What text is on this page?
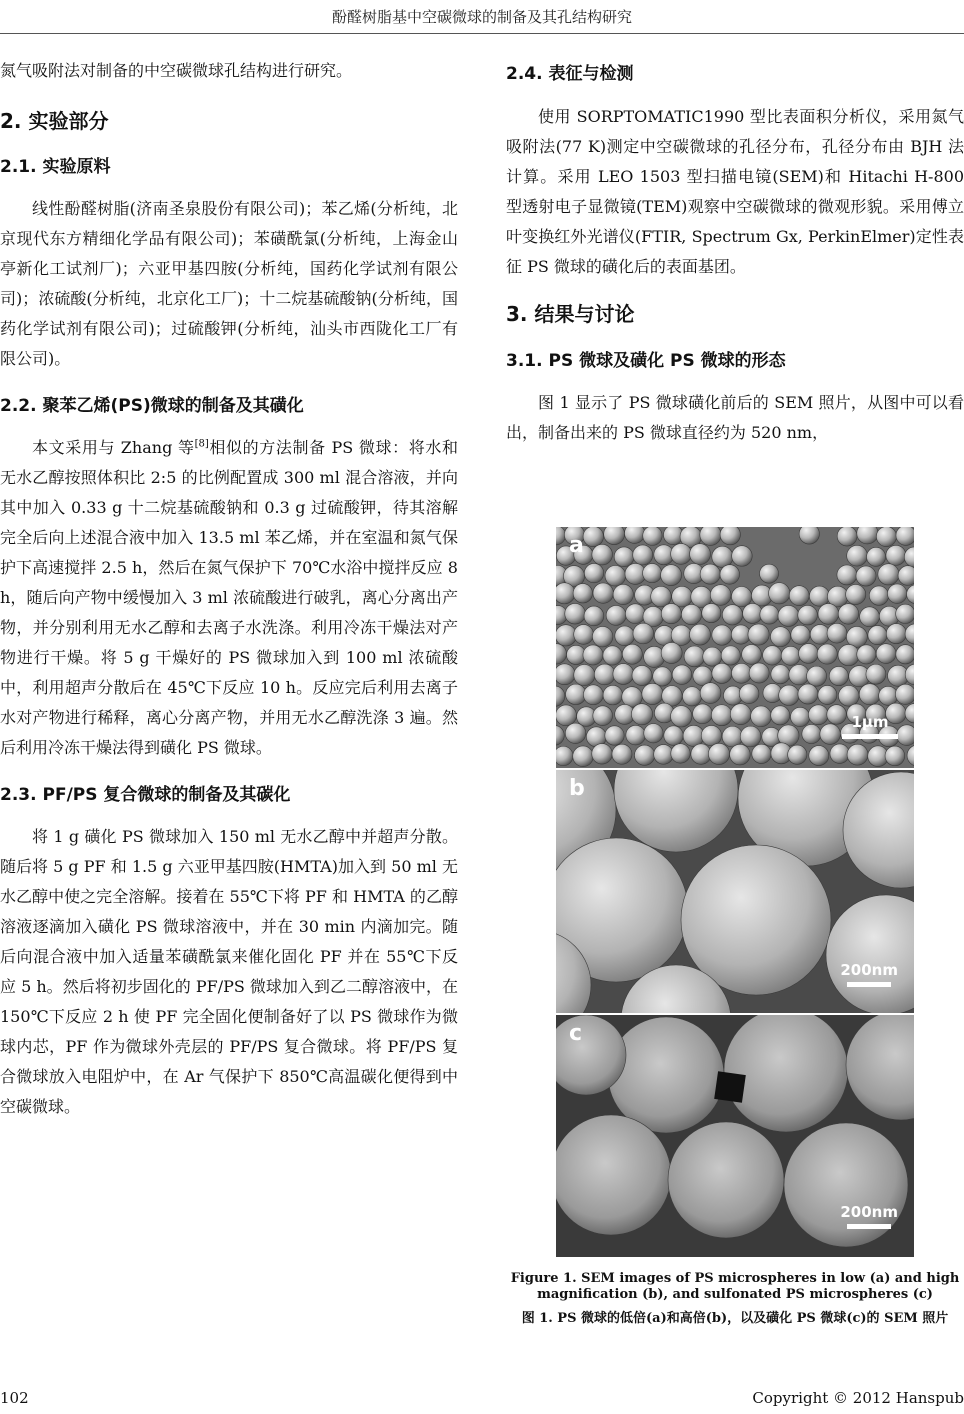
酚醛树脂基中空碳微球的制备及其孔结构研究

氮气吸附法对制备的中空碳微球孔结构进行研究。

2. 实验部分
2.1. 实验原料

线性酚醛树脂(济南圣泉股份有限公司)；苯乙烯(分析纯，北京现代东方精细化学品有限公司)；苯磺酰氯(分析纯，上海金山亭新化工试剂厂)；六亚甲基四胺(分析纯，国药化学试剂有限公司)；浓硫酸(分析纯，北京化工厂)；十二烷基硫酸钠(分析纯，国药化学试剂有限公司)；过硫酸钾(分析纯，汕头市西陇化工厂有限公司)。

2.2. 聚苯乙烯(PS)微球的制备及其磺化

本文采用与 Zhang 等[8]相似的方法制备 PS 微球：将水和无水乙醇按照体积比 2:5 的比例配置成 300 ml 混合溶液，并向其中加入 0.33 g 十二烷基硫酸钠和 0.3 g 过硫酸钾，待其溶解完全后向上述混合液中加入 13.5 ml 苯乙烯，并在室温和氮气保护下高速搅拌 2.5 h，然后在氮气保护下 70℃水浴中搅拌反应 8 h，随后向产物中缓慢加入 3 ml 浓硫酸进行破乳，离心分离出产物，并分别利用无水乙醇和去离子水洗涤。利用冷冻干燥法对产物进行干燥。将 5 g 干燥好的 PS 微球加入到 100 ml 浓硫酸中，利用超声分散后在 45℃下反应 10 h。反应完后利用去离子水对产物进行稀释，离心分离产物，并用无水乙醇洗涤 3 遍。然后利用冷冻干燥法得到磺化 PS 微球。

2.3. PF/PS 复合微球的制备及其碳化

将 1 g 磺化 PS 微球加入 150 ml 无水乙醇中并超声分散。随后将 5 g PF 和 1.5 g 六亚甲基四胺(HMTA)加入到 50 ml 无水乙醇中使之完全溶解。接着在 55℃下将 PF 和 HMTA 的乙醇溶液逐滴加入磺化 PS 微球溶液中，并在 30 min 内滴加完。随后向混合液中加入适量苯磺酰氯来催化固化 PF 并在 55℃下反应 5 h。然后将初步固化的 PF/PS 微球加入到乙二醇溶液中，在 150℃下反应 2 h 使 PF 完全固化便制备好了以 PS 微球作为微球内芯，PF 作为微球外壳层的 PF/PS 复合微球。将 PF/PS 复合微球放入电阻炉中，在 Ar 气保护下 850℃高温碳化便得到中空碳微球。

2.4. 表征与检测

使用 SORPTOMATIC1990 型比表面积分析仪，采用氮气吸附法(77 K)测定中空碳微球的孔径分布，孔径分布由 BJH 法计算。采用 LEO 1503 型扫描电镜(SEM)和 Hitachi H-800 型透射电子显微镜(TEM)观察中空碳微球的微观形貌。采用傅立叶变换红外光谱仪(FTIR, Spectrum Gx, PerkinElmer)定性表征 PS 微球的磺化后的表面基团。

3. 结果与讨论
3.1. PS 微球及磺化 PS 微球的形态

图 1 显示了 PS 微球磺化前后的 SEM 照片，从图中可以看出，制备出来的 PS 微球直径约为 520 nm，

a
1μm
b
200nm
c
200nm
Figure 1. SEM images of PS microspheres in low (a) and high magnification (b), and sulfonated PS microspheres (c)
图 1. PS 微球的低倍(a)和高倍(b)，以及磺化 PS 微球(c)的 SEM 照片
102	Copyright © 2012 Hanspub
